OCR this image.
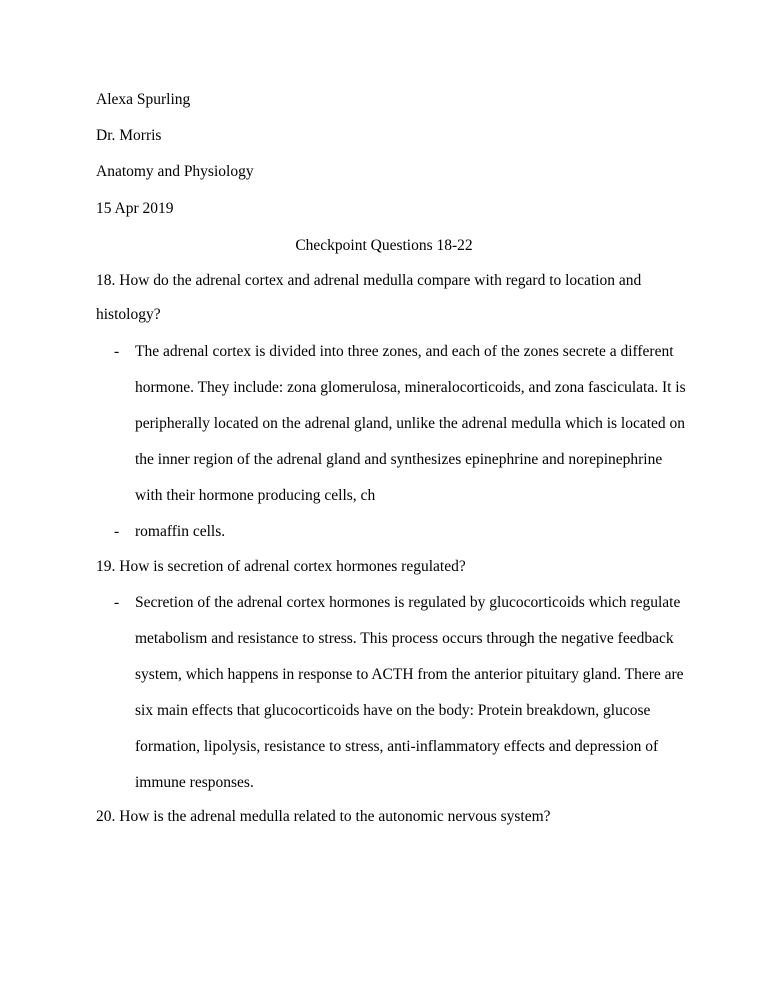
Alexa Spurling
Dr. Morris
Anatomy and Physiology
15 Apr 2019
Checkpoint Questions 18-22
18. How do the adrenal cortex and adrenal medulla compare with regard to location and
histology?
- The adrenal cortex is divided into three zones, and each of the zones secrete a different
hormone. They include: zona glomerulosa, mineralocorticoids, and zona fasciculata. It is
peripherally located on the adrenal gland, unlike the adrenal medulla which is located on
the inner region of the adrenal gland and synthesizes epinephrine and norepinephrine
with their hormone producing cells, ch
- romaffin cells.
19. How is secretion of adrenal cortex hormones regulated?
- Secretion of the adrenal cortex hormones is regulated by glucocorticoids which regulate
metabolism and resistance to stress. This process occurs through the negative feedback
system, which happens in response to ACTH from the anterior pituitary gland. There are
six main effects that glucocorticoids have on the body: Protein breakdown, glucose
formation, lipolysis, resistance to stress, anti-inflammatory effects and depression of
immune responses.
20. How is the adrenal medulla related to the autonomic nervous system?
